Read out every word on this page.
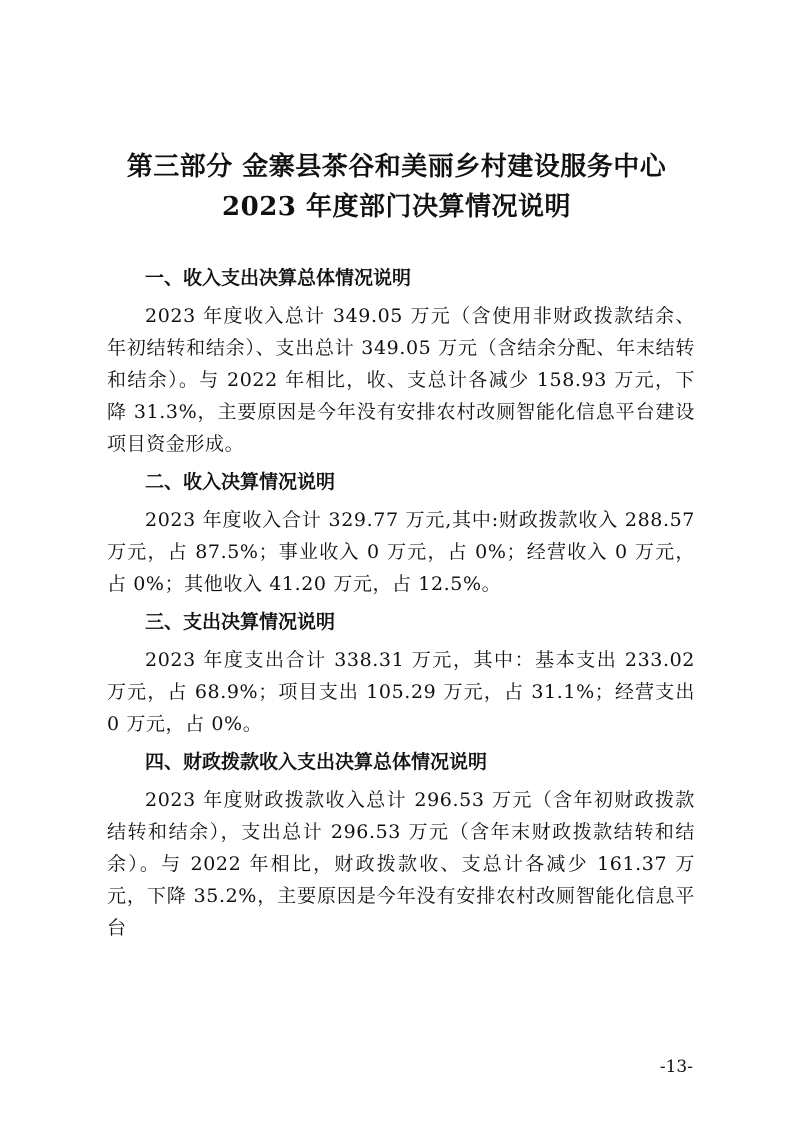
第三部分 金寨县茶谷和美丽乡村建设服务中心
2023 年度部门决算情况说明
一、收入支出决算总体情况说明

2023 年度收入总计 349.05 万元（含使用非财政拨款结余、年初结转和结余）、支出总计 349.05 万元（含结余分配、年末结转和结余）。与 2022 年相比，收、支总计各减少 158.93 万元，下降 31.3%，主要原因是今年没有安排农村改厕智能化信息平台建设项目资金形成。

二、收入决算情况说明

2023 年度收入合计 329.77 万元,其中:财政拨款收入 288.57 万元，占 87.5%；事业收入 0 万元，占 0%；经营收入 0 万元，占 0%；其他收入 41.20 万元，占 12.5%。

三、支出决算情况说明

2023 年度支出合计 338.31 万元，其中：基本支出 233.02 万元，占 68.9%；项目支出 105.29 万元，占 31.1%；经营支出 0 万元，占 0%。

四、财政拨款收入支出决算总体情况说明

2023 年度财政拨款收入总计 296.53 万元（含年初财政拨款结转和结余），支出总计 296.53 万元（含年末财政拨款结转和结余）。与 2022 年相比，财政拨款收、支总计各减少 161.37 万元，下降 35.2%，主要原因是今年没有安排农村改厕智能化信息平台

-13-
